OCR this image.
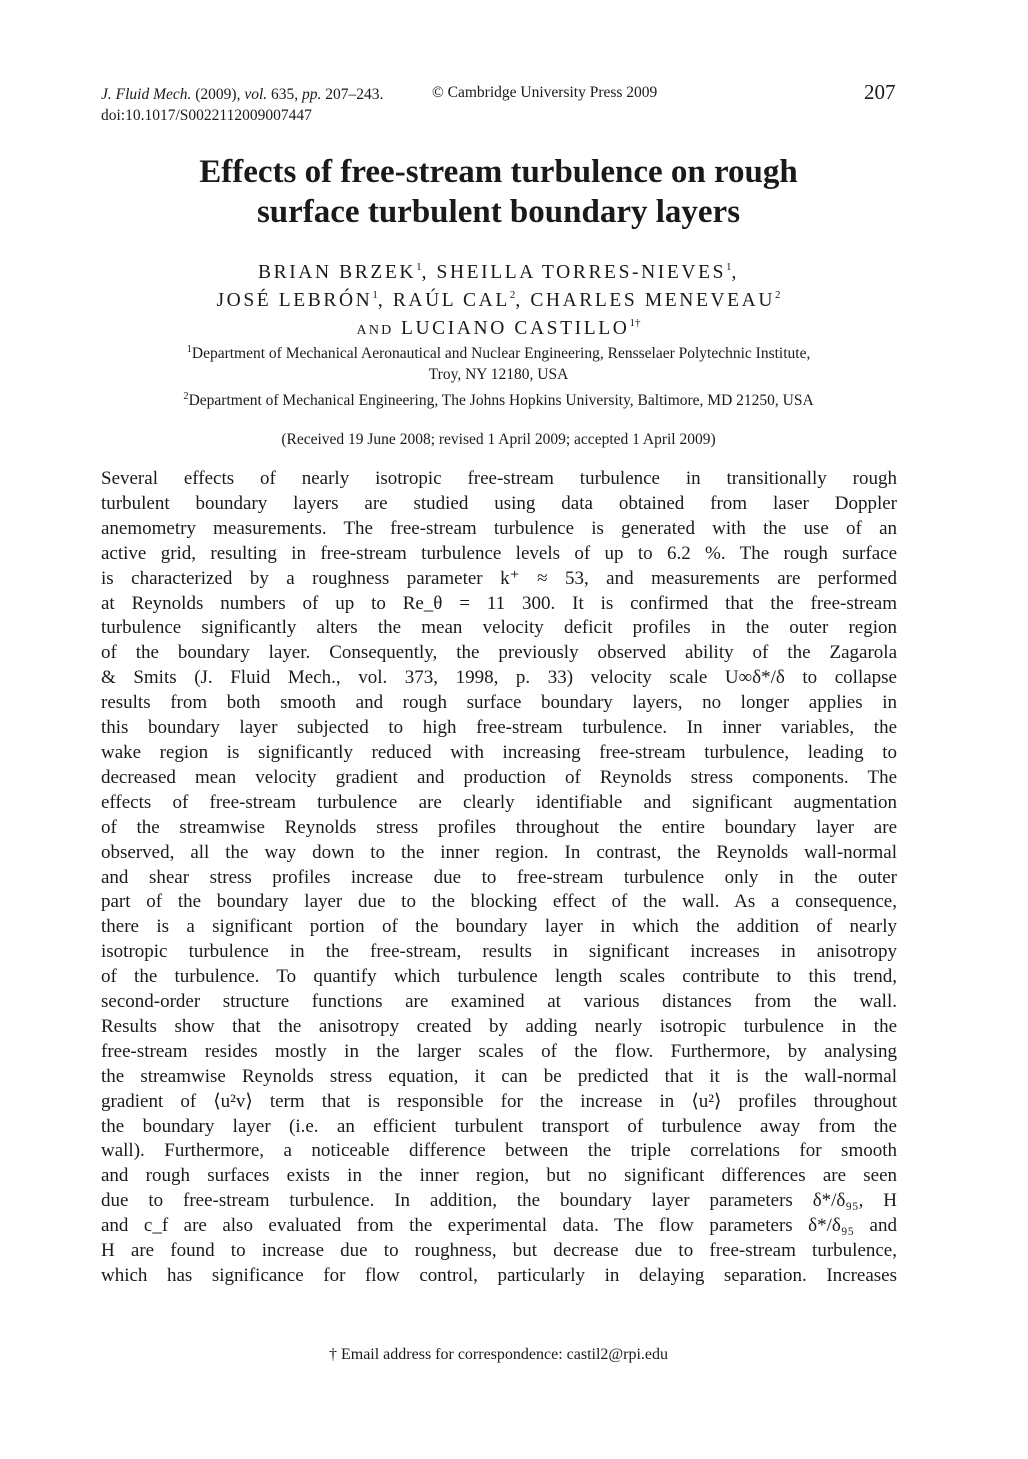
J. Fluid Mech. (2009), vol. 635, pp. 207–243.	© Cambridge University Press 2009	207
doi:10.1017/S0022112009007447
Effects of free-stream turbulence on rough
surface turbulent boundary layers
BRIAN BRZEK$^1$, SHEILLA TORRES-NIEVES$^1$,
JOSÉ LEBRÓN$^1$, RAÚL CAL$^2$, CHARLES MENEVEAU$^2$
AND LUCIANO $CASTILLO^{1\dagger}$
$^1$Department of Mechanical Aeronautical and Nuclear Engineering, Rensselaer Polytechnic Institute,
Troy, NY 12180, USA
$^2$Department of Mechanical Engineering, The Johns Hopkins University, Baltimore, MD 21250, USA
(Received 19 June 2008; revised 1 April 2009; accepted 1 April 2009)
Several effects of nearly isotropic free-stream turbulence in transitionally rough
turbulent boundary layers are studied using data obtained from laser Doppler
anemometry measurements. The free-stream turbulence is generated with the use of an
active grid, resulting in free-stream turbulence levels of up to 6.2 %. The rough surface
is characterized by a roughness parameter k⁺ ≈ 53, and measurements are performed
at Reynolds numbers of up to Re_θ = 11 300. It is confirmed that the free-stream
turbulence significantly alters the mean velocity deficit profiles in the outer region
of the boundary layer. Consequently, the previously observed ability of the Zagarola
& Smits (J. Fluid Mech., vol. 373, 1998, p. 33) velocity scale U∞δ*/δ to collapse
results from both smooth and rough surface boundary layers, no longer applies in
this boundary layer subjected to high free-stream turbulence. In inner variables, the
wake region is significantly reduced with increasing free-stream turbulence, leading to
decreased mean velocity gradient and production of Reynolds stress components. The
effects of free-stream turbulence are clearly identifiable and significant augmentation
of the streamwise Reynolds stress profiles throughout the entire boundary layer are
observed, all the way down to the inner region. In contrast, the Reynolds wall-normal
and shear stress profiles increase due to free-stream turbulence only in the outer
part of the boundary layer due to the blocking effect of the wall. As a consequence,
there is a significant portion of the boundary layer in which the addition of nearly
isotropic turbulence in the free-stream, results in significant increases in anisotropy
of the turbulence. To quantify which turbulence length scales contribute to this trend,
second-order structure functions are examined at various distances from the wall.
Results show that the anisotropy created by adding nearly isotropic turbulence in the
free-stream resides mostly in the larger scales of the flow. Furthermore, by analysing
the streamwise Reynolds stress equation, it can be predicted that it is the wall-normal
gradient of ⟨u²v⟩ term that is responsible for the increase in ⟨u²⟩ profiles throughout
the boundary layer (i.e. an efficient turbulent transport of turbulence away from the
wall). Furthermore, a noticeable difference between the triple correlations for smooth
and rough surfaces exists in the inner region, but no significant differences are seen
due to free-stream turbulence. In addition, the boundary layer parameters δ*/δ₉₅, H
and c_f are also evaluated from the experimental data. The flow parameters δ*/δ₉₅ and
H are found to increase due to roughness, but decrease due to free-stream turbulence,
which has significance for flow control, particularly in delaying separation. Increases
† Email address for correspondence: castil2@rpi.edu
